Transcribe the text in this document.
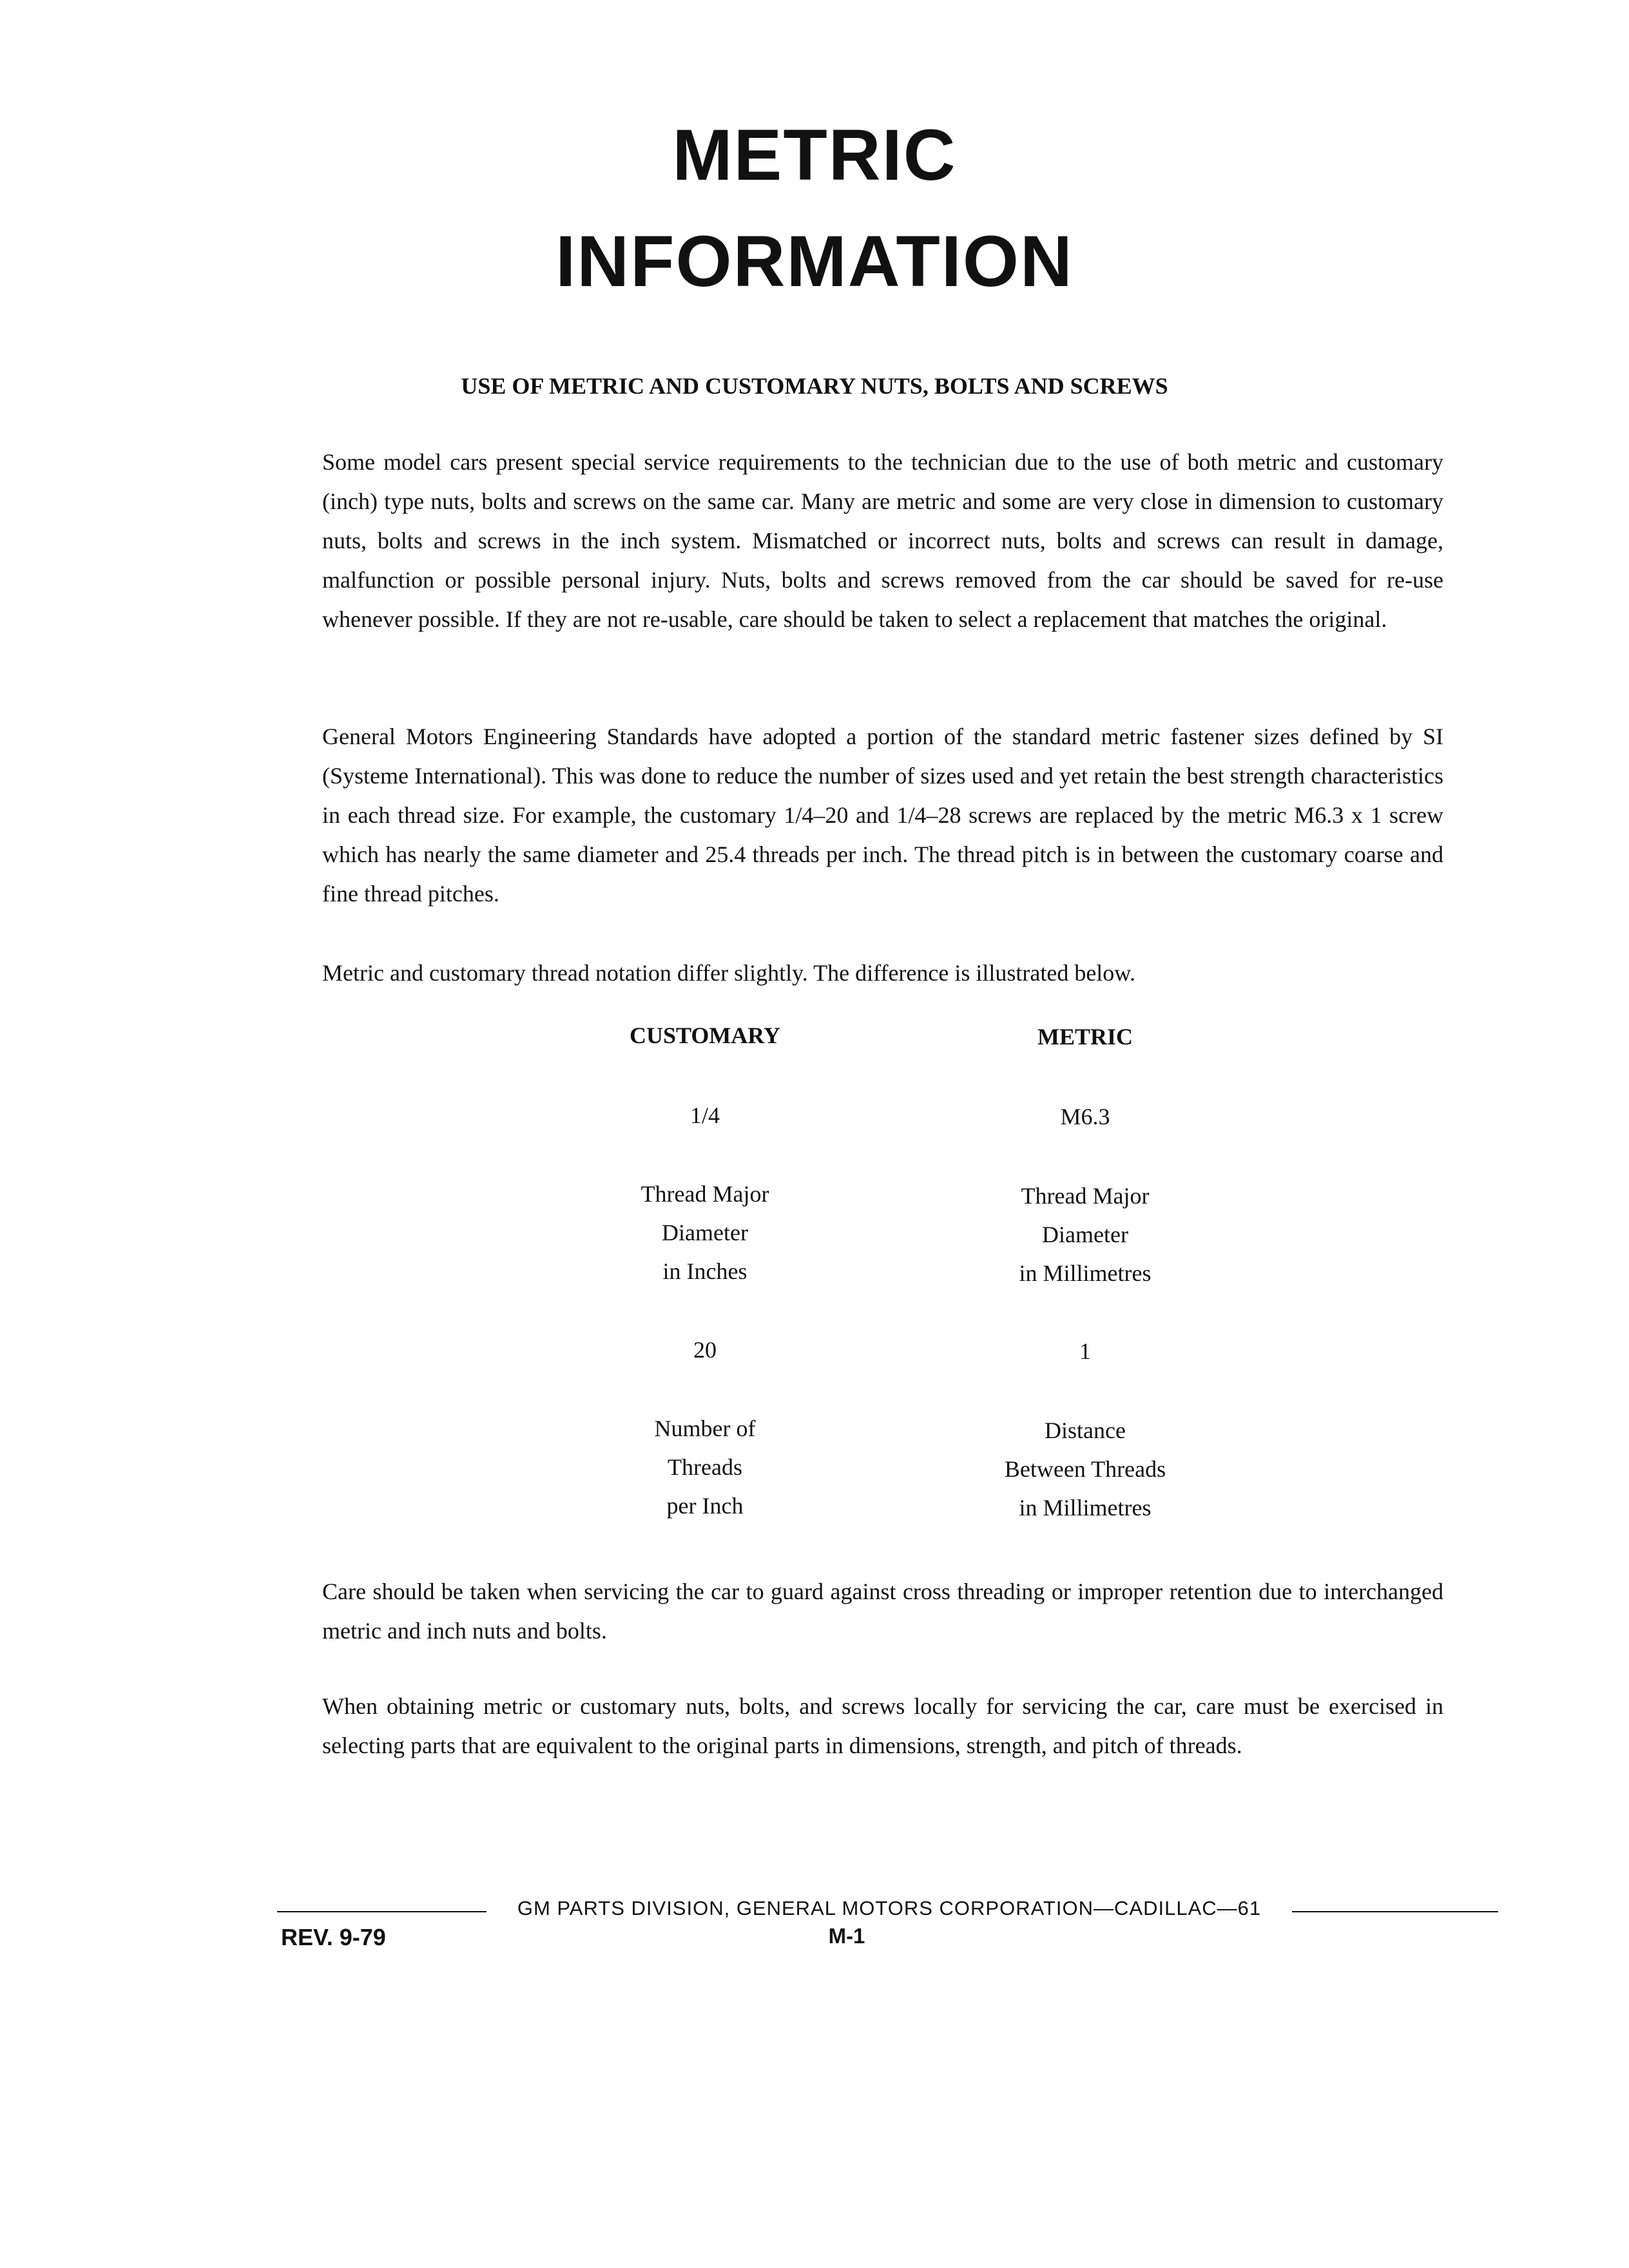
METRIC
INFORMATION
USE OF METRIC AND CUSTOMARY NUTS, BOLTS AND SCREWS

Some model cars present special service requirements to the technician due to the use of both metric and customary (inch) type nuts, bolts and screws on the same car. Many are metric and some are very close in dimension to customary nuts, bolts and screws in the inch system. Mismatched or incorrect nuts, bolts and screws can result in damage, malfunction or possible personal injury. Nuts, bolts and screws removed from the car should be saved for re-use whenever possible. If they are not re-usable, care should be taken to select a replacement that matches the original.

General Motors Engineering Standards have adopted a portion of the standard metric fastener sizes defined by SI (Systeme International). This was done to reduce the number of sizes used and yet retain the best strength characteristics in each thread size. For example, the customary 1/4–20 and 1/4–28 screws are replaced by the metric M6.3 x 1 screw which has nearly the same diameter and 25.4 threads per inch. The thread pitch is in between the customary coarse and fine thread pitches.

Metric and customary thread notation differ slightly. The difference is illustrated below.

CUSTOMARY
1/4
Thread Major
Diameter
in Inches
20
Number of
Threads
per Inch
METRIC
M6.3
Thread Major
Diameter
in Millimetres
1
Distance
Between Threads
in Millimetres

Care should be taken when servicing the car to guard against cross threading or improper retention due to interchanged metric and inch nuts and bolts.

When obtaining metric or customary nuts, bolts, and screws locally for servicing the car, care must be exercised in selecting parts that are equivalent to the original parts in dimensions, strength, and pitch of threads.

GM PARTS DIVISION, GENERAL MOTORS CORPORATION—CADILLAC—61
REV. 9-79	M-1
